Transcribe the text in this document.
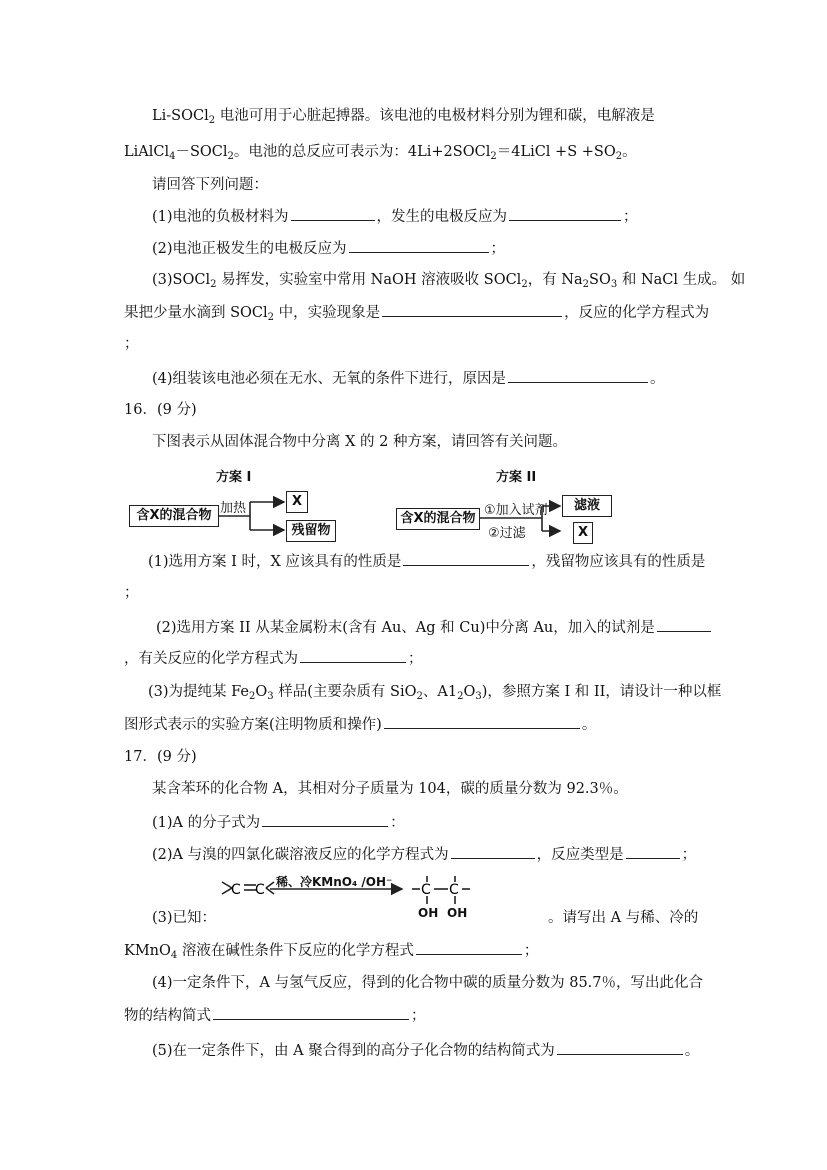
Li-SOCl$_2$ 电池可用于心脏起搏器。该电池的电极材料分别为锂和碳，电解液是
LiAlCl$_4$－SOCl$_2$。电池的总反应可表示为：4Li+2SOCl$_2$＝4LiCl $+S +SO_2$。
请回答下列问题：
(1)电池的负极材料为	，发生的电极反应为	；
(2)电池正极发生的电极反应为	；
(3)SOCl$_2$ 易挥发，实验室中常用 NaOH 溶液吸收 SOCl$_2$，有 $Na_2SO_3$ 和 NaCl 生成。 如
果把少量水滴到 SOCl$_2$ 中，实验现象是	，反应的化学方程式为
；
(4)组装该电池必须在无水、无氧的条件下进行，原因是	。
16．(9 分)
下图表示从固体混合物中分离 X 的 2 种方案，请回答有关问题。
方案 I
含X的混合物 加热	X
残留物
方案 II
含X的混合物
①加入试剂
②过滤
滤液
X
(1)选用方案 I 时，X 应该具有的性质是	，残留物应该具有的性质是
；
(2)选用方案 II 从某金属粉末(含有 Au、Ag 和 Cu)中分离 Au，加入的试剂是
，有关反应的化学方程式为	；
(3)为提纯某 $Fe_2O_3$ 样品(主要杂质有 SiO$_2$、$A1_2O_3$)，参照方案 I 和 II，请设计一种以框
图形式表示的实验方案(注明物质和操作)	。
17．(9 分)
某含苯环的化合物 A，其相对分子质量为 104，碳的质量分数为 92.3％。
(1)A 的分子式为	：
(2)A 与溴的四氯化碳溶液反应的化学方程式为	，反应类型是	；
C C	C C
稀、冷KMnO₄ /OH⁻
OH OH
(3)已知：	。请写出 A 与稀、冷的
KMnO$_4$ 溶液在碱性条件下反应的化学方程式	；
(4)一定条件下，A 与氢气反应，得到的化合物中碳的质量分数为 85.7％，写出此化合
物的结构简式	；
(5)在一定条件下，由 A 聚合得到的高分子化合物的结构简式为	。
